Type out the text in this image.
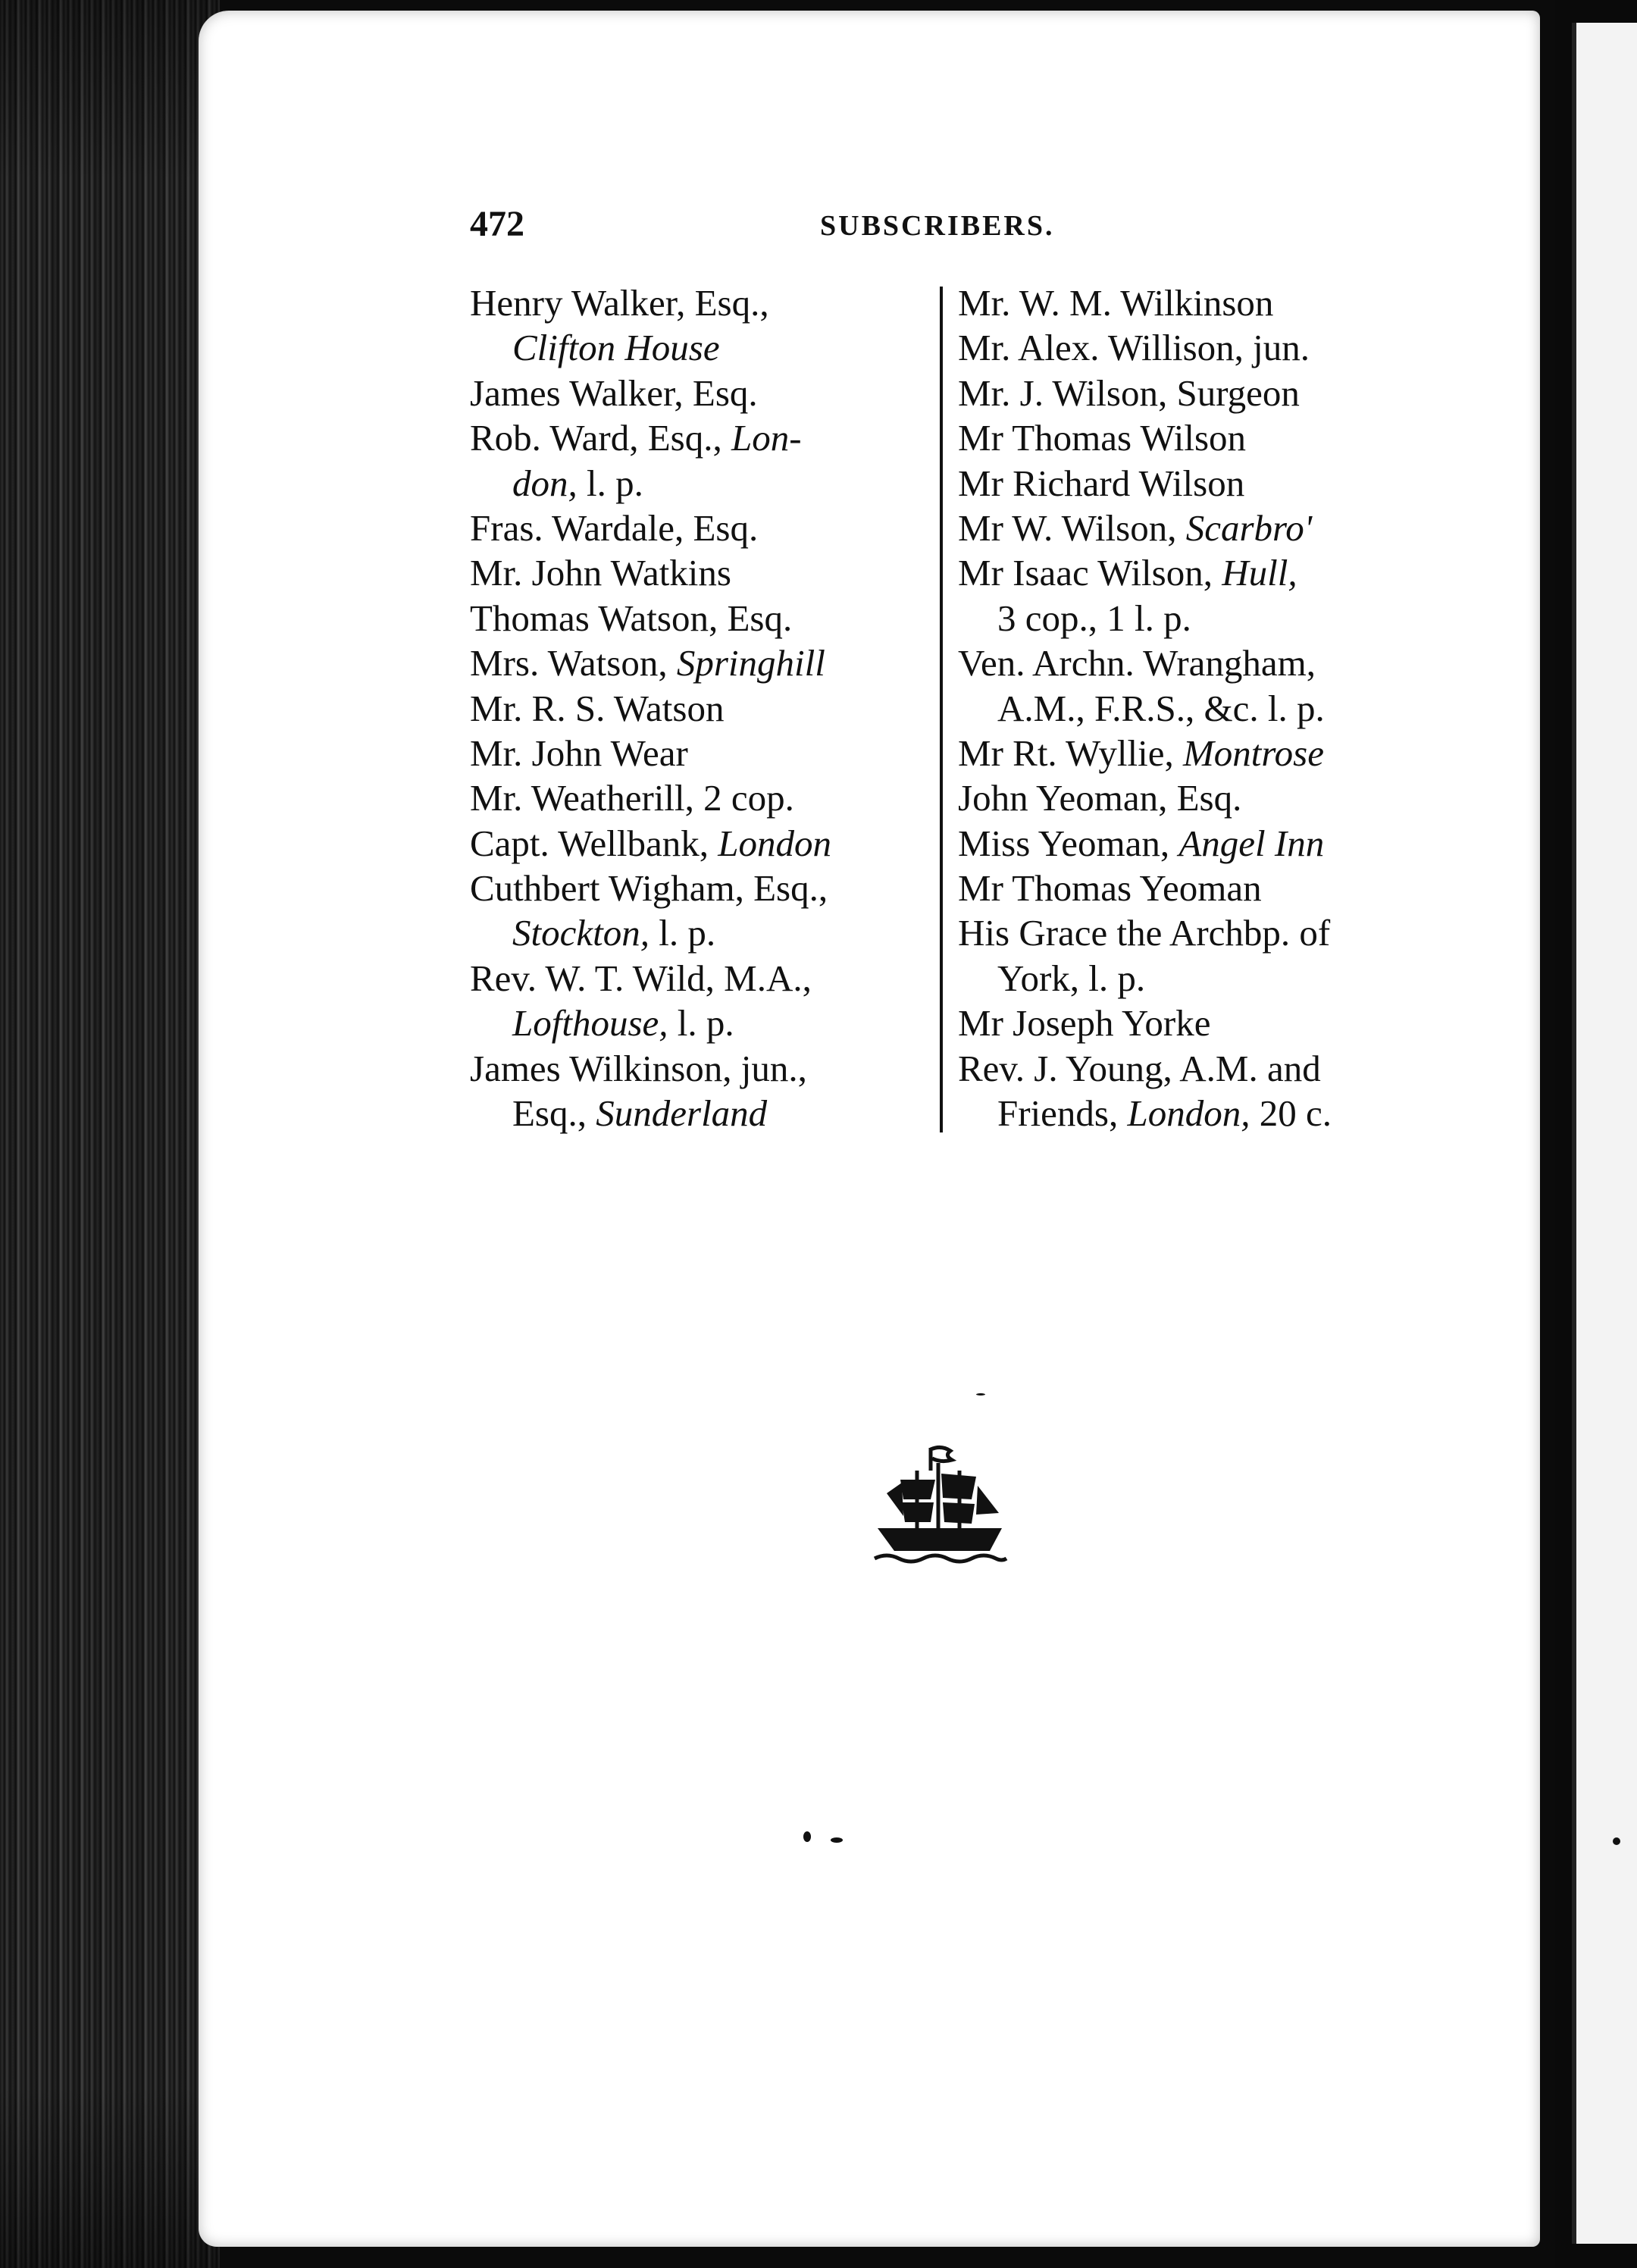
472	SUBSCRIBERS.
Henry Walker, Esq.,
Clifton House
James Walker, Esq.
Rob. Ward, Esq., Lon-
don, l. p.
Fras. Wardale, Esq.
Mr. John Watkins
Thomas Watson, Esq.
Mrs. Watson, Springhill
Mr. R. S. Watson
Mr. John Wear
Mr. Weatherill, 2 cop.
Capt. Wellbank, London
Cuthbert Wigham, Esq.,
Stockton, l. p.
Rev. W. T. Wild, M.A.,
Lofthouse, l. p.
James Wilkinson, jun.,
Esq., Sunderland
Mr. W. M. Wilkinson
Mr. Alex. Willison, jun.
Mr. J. Wilson, Surgeon
Mr Thomas Wilson
Mr Richard Wilson
Mr W. Wilson, Scarbro'
Mr Isaac Wilson, Hull,
3 cop., 1 l. p.
Ven. Archn. Wrangham,
A.M., F.R.S., &c. l. p.
Mr Rt. Wyllie, Montrose
John Yeoman, Esq.
Miss Yeoman, Angel Inn
Mr Thomas Yeoman
His Grace the Archbp. of
York, l. p.
Mr Joseph Yorke
Rev. J. Young, A.M. and
Friends, London, 20 c.
